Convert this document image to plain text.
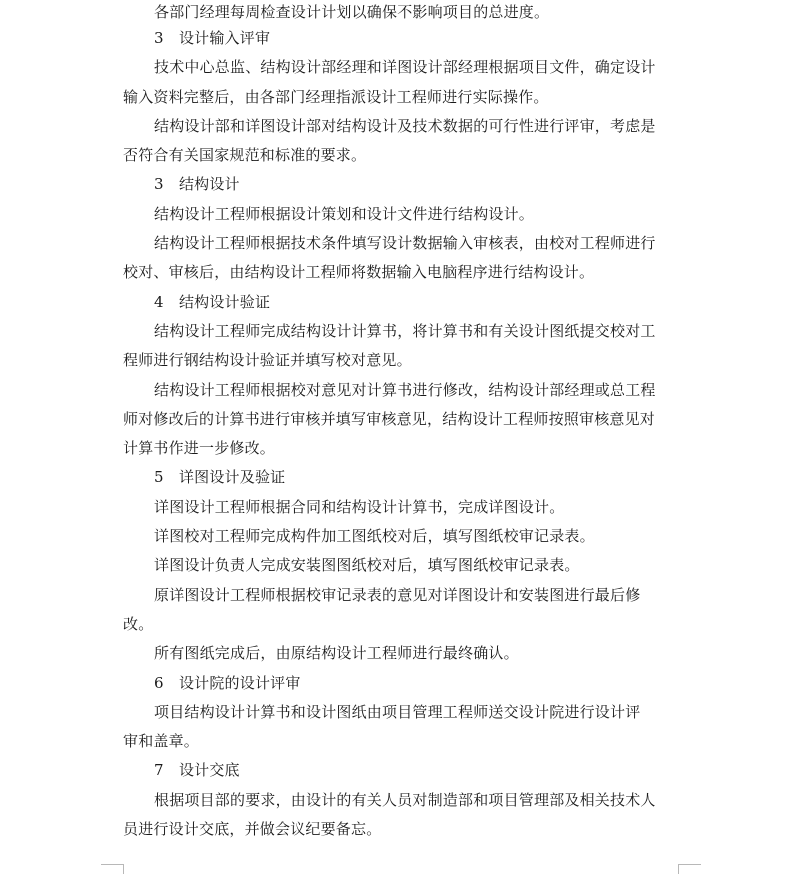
各部门经理每周检查设计计划以确保不影响项目的总进度。
3　设计输入评审
技术中心总监、结构设计部经理和详图设计部经理根据项目文件，确定设计
输入资料完整后，由各部门经理指派设计工程师进行实际操作。
结构设计部和详图设计部对结构设计及技术数据的可行性进行评审，考虑是
否符合有关国家规范和标准的要求。
3　结构设计
结构设计工程师根据设计策划和设计文件进行结构设计。
结构设计工程师根据技术条件填写设计数据输入审核表，由校对工程师进行
校对、审核后，由结构设计工程师将数据输入电脑程序进行结构设计。
4　结构设计验证
结构设计工程师完成结构设计计算书，将计算书和有关设计图纸提交校对工
程师进行钢结构设计验证并填写校对意见。
结构设计工程师根据校对意见对计算书进行修改，结构设计部经理或总工程
师对修改后的计算书进行审核并填写审核意见，结构设计工程师按照审核意见对
计算书作进一步修改。
5　详图设计及验证
详图设计工程师根据合同和结构设计计算书，完成详图设计。
详图校对工程师完成构件加工图纸校对后，填写图纸校审记录表。
详图设计负责人完成安装图图纸校对后，填写图纸校审记录表。
原详图设计工程师根据校审记录表的意见对详图设计和安装图进行最后修
改。
所有图纸完成后，由原结构设计工程师进行最终确认。
6　设计院的设计评审
项目结构设计计算书和设计图纸由项目管理工程师送交设计院进行设计评
审和盖章。
7　设计交底
根据项目部的要求，由设计的有关人员对制造部和项目管理部及相关技术人
员进行设计交底，并做会议纪要备忘。
